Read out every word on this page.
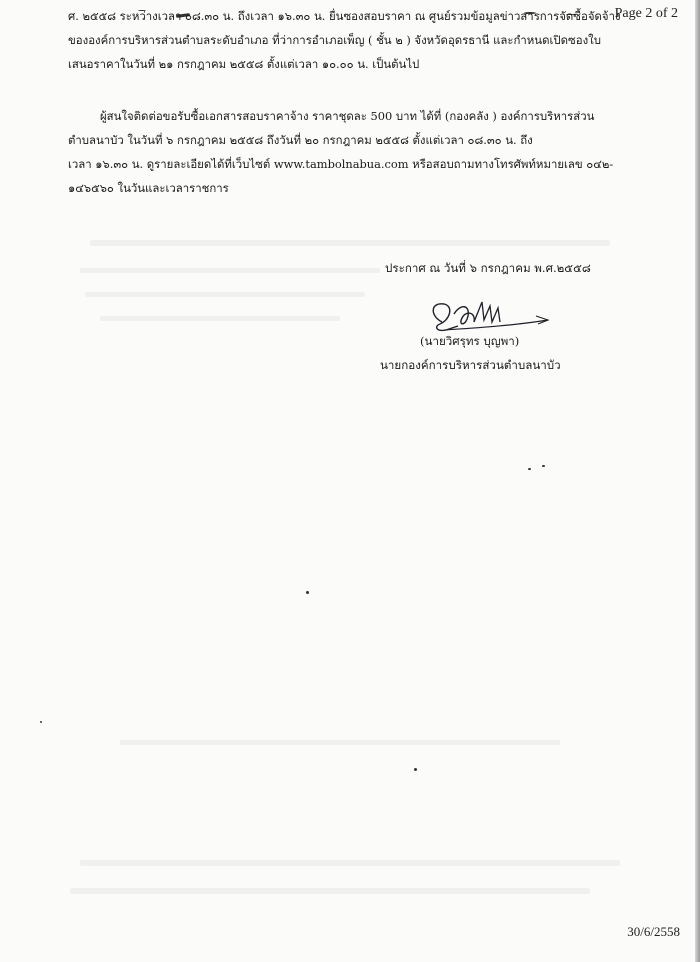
Page 2 of 2
ศ. ๒๕๕๘ ระหว่างเวลา ๐๘.๓๐ น. ถึงเวลา ๑๖.๓๐ น. ยื่นซองสอบราคา ณ ศูนย์รวมข้อมูลข่าวสารการจัดซื้อจัดจ้าง
ขององค์การบริหารส่วนตำบลระดับอำเภอ ที่ว่าการอำเภอเพ็ญ ( ชั้น ๒ ) จังหวัดอุดรธานี และกำหนดเปิดซองใบ
เสนอราคาในวันที่ ๒๑ กรกฎาคม ๒๕๕๘ ตั้งแต่เวลา ๑๐.๐๐ น. เป็นต้นไป
ผู้สนใจติดต่อขอรับซื้อเอกสารสอบราคาจ้าง ราคาชุดละ 500 บาท ได้ที่ (กองคลัง ) องค์การบริหารส่วน
ตำบลนาบัว ในวันที่ ๖ กรกฎาคม ๒๕๕๘ ถึงวันที่ ๒๐ กรกฎาคม ๒๕๕๘ ตั้งแต่เวลา ๐๘.๓๐ น. ถึง
เวลา ๑๖.๓๐ น. ดูรายละเอียดได้ที่เว็บไซต์ www.tambolnabua.com หรือสอบถามทางโทรศัพท์หมายเลข ๐๔๒-
๑๔๖๕๖๐ ในวันและเวลาราชการ
ประกาศ ณ วันที่ ๖ กรกฎาคม พ.ศ.๒๕๕๘
(นายวิศรุทร บุญพา)
นายกองค์การบริหารส่วนตำบลนาบัว
30/6/2558
